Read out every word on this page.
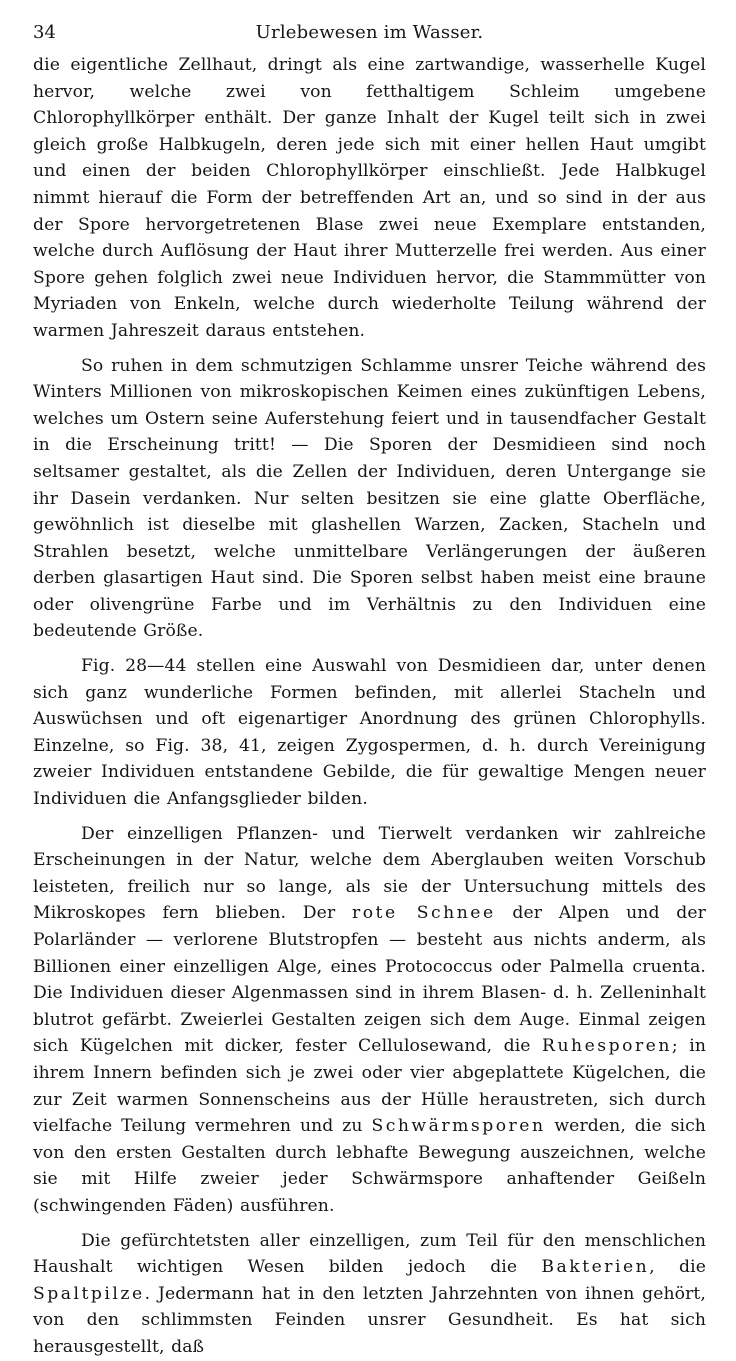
34	Urlebewesen im Wasser.

die eigentliche Zellhaut, dringt als eine zartwandige, wasserhelle Kugel hervor, welche zwei von fetthaltigem Schleim umgebene Chlorophyllkörper enthält. Der ganze Inhalt der Kugel teilt sich in zwei gleich große Halbkugeln, deren jede sich mit einer hellen Haut umgibt und einen der beiden Chlorophyllkörper einschließt. Jede Halbkugel nimmt hierauf die Form der betreffenden Art an, und so sind in der aus der Spore hervorgetretenen Blase zwei neue Exemplare entstanden, welche durch Auflösung der Haut ihrer Mutterzelle frei werden. Aus einer Spore gehen folglich zwei neue Individuen hervor, die Stammmütter von Myriaden von Enkeln, welche durch wiederholte Teilung während der warmen Jahreszeit daraus entstehen.

So ruhen in dem schmutzigen Schlamme unsrer Teiche während des Winters Millionen von mikroskopischen Keimen eines zukünftigen Lebens, welches um Ostern seine Auferstehung feiert und in tausendfacher Gestalt in die Erscheinung tritt! — Die Sporen der Desmidieen sind noch seltsamer gestaltet, als die Zellen der Individuen, deren Untergange sie ihr Dasein verdanken. Nur selten besitzen sie eine glatte Oberfläche, gewöhnlich ist dieselbe mit glashellen Warzen, Zacken, Stacheln und Strahlen besetzt, welche unmittelbare Verlängerungen der äußeren derben glasartigen Haut sind. Die Sporen selbst haben meist eine braune oder olivengrüne Farbe und im Verhältnis zu den Individuen eine bedeutende Größe.

Fig. 28—44 stellen eine Auswahl von Desmidieen dar, unter denen sich ganz wunderliche Formen befinden, mit allerlei Stacheln und Auswüchsen und oft eigenartiger Anordnung des grünen Chlorophylls. Einzelne, so Fig. 38, 41, zeigen Zygospermen, d. h. durch Vereinigung zweier Individuen entstandene Gebilde, die für gewaltige Mengen neuer Individuen die Anfangsglieder bilden.

Der einzelligen Pflanzen- und Tierwelt verdanken wir zahlreiche Erscheinungen in der Natur, welche dem Aberglauben weiten Vorschub leisteten, freilich nur so lange, als sie der Untersuchung mittels des Mikroskopes fern blieben. Der rote Schnee der Alpen und der Polarländer — verlorene Blutstropfen — besteht aus nichts anderm, als Billionen einer einzelligen Alge, eines Protococcus oder Palmella cruenta. Die Individuen dieser Algenmassen sind in ihrem Blasen- d. h. Zelleninhalt blutrot gefärbt. Zweierlei Gestalten zeigen sich dem Auge. Einmal zeigen sich Kügelchen mit dicker, fester Cellulosewand, die Ruhesporen; in ihrem Innern befinden sich je zwei oder vier abgeplattete Kügelchen, die zur Zeit warmen Sonnenscheins aus der Hülle heraustreten, sich durch vielfache Teilung vermehren und zu Schwärmsporen werden, die sich von den ersten Gestalten durch lebhafte Bewegung auszeichnen, welche sie mit Hilfe zweier jeder Schwärmspore anhaftender Geißeln (schwingenden Fäden) ausführen.

Die gefürchtetsten aller einzelligen, zum Teil für den menschlichen Haushalt wichtigen Wesen bilden jedoch die Bakterien, die Spaltpilze. Jedermann hat in den letzten Jahrzehnten von ihnen gehört, von den schlimmsten Feinden unsrer Gesundheit. Es hat sich herausgestellt, daß
